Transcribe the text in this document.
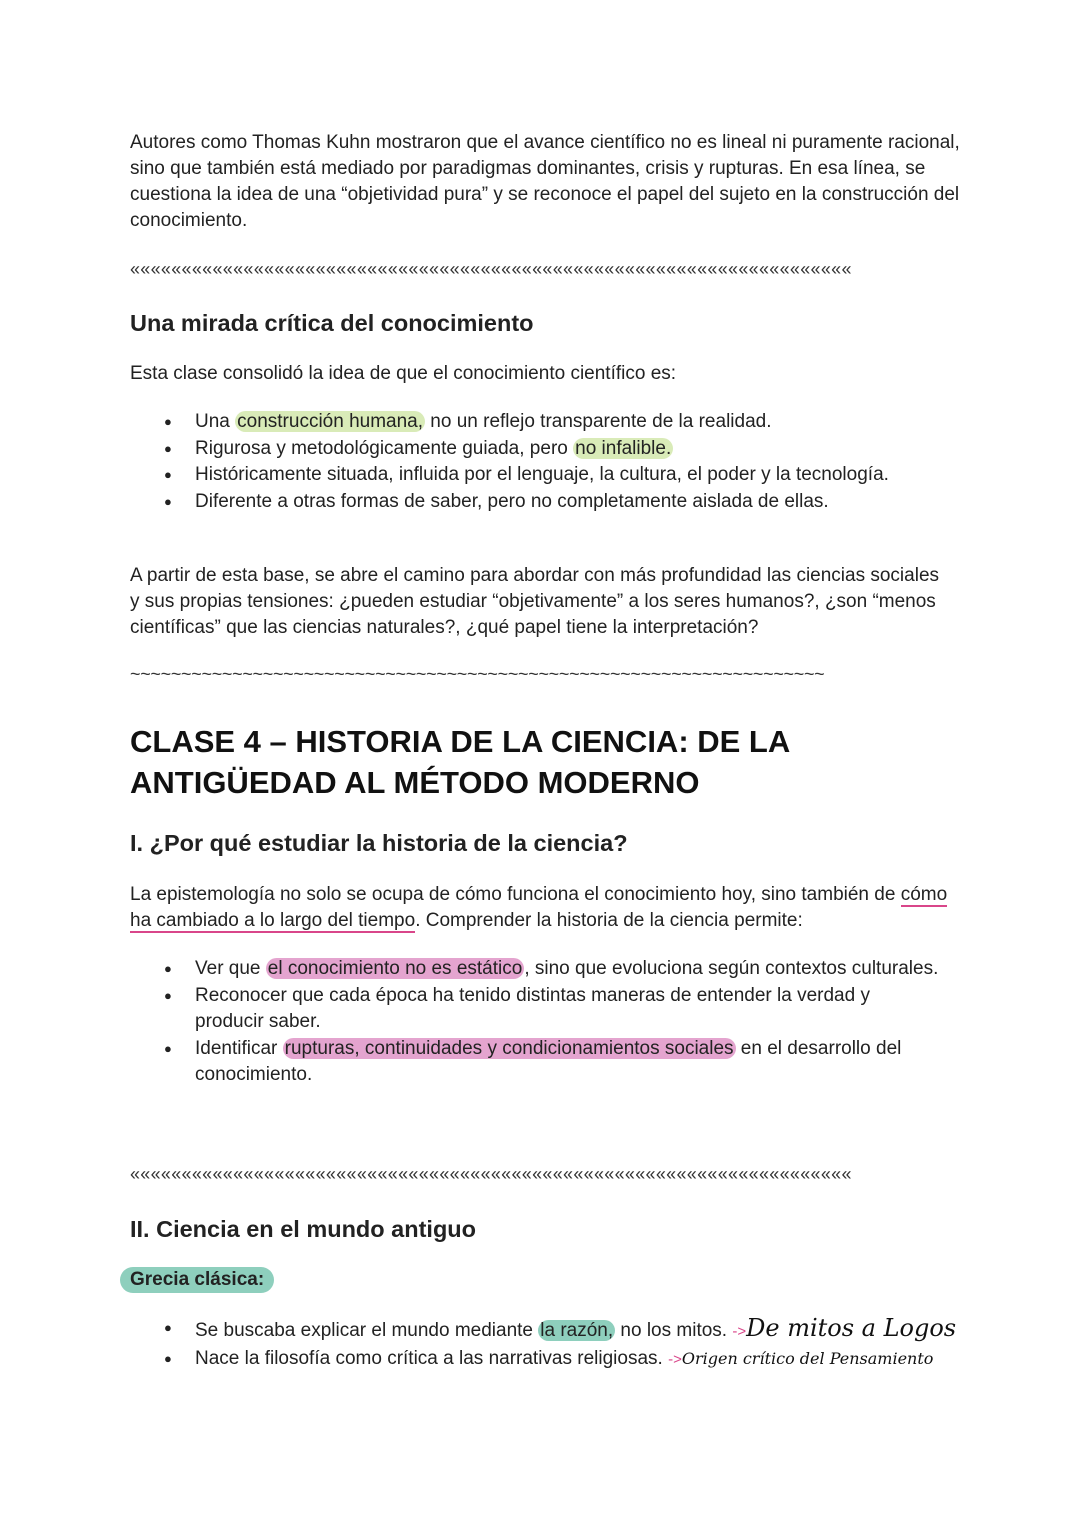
Autores como Thomas Kuhn mostraron que el avance científico no es lineal ni puramente racional, sino que también está mediado por paradigmas dominantes, crisis y rupturas. En esa línea, se cuestiona la idea de una “objetividad pura” y se reconoce el papel del sujeto en la construcción del conocimiento.
««««««««««««««««««««««««««««««««««««««««««««««««««««««««««««««««««««««
Una mirada crítica del conocimiento
Esta clase consolidó la idea de que el conocimiento científico es:
● Una construcción humana, no un reflejo transparente de la realidad.
● Rigurosa y metodológicamente guiada, pero no infalible.
● Históricamente situada, influida por el lenguaje, la cultura, el poder y la tecnología.
● Diferente a otras formas de saber, pero no completamente aislada de ellas.
A partir de esta base, se abre el camino para abordar con más profundidad las ciencias sociales y sus propias tensiones: ¿pueden estudiar “objetivamente” a los seres humanos?, ¿son “menos científicas” que las ciencias naturales?, ¿qué papel tiene la interpretación?
~~~~~~~~~~~~~~~~~~~~~~~~~~~~~~~~~~~~~~~~~~~~~~~~~~~~~~~~~~~~~~~~~~~~
CLASE 4 – HISTORIA DE LA CIENCIA: DE LA ANTIGÜEDAD AL MÉTODO MODERNO
I. ¿Por qué estudiar la historia de la ciencia?
La epistemología no solo se ocupa de cómo funciona el conocimiento hoy, sino también de cómo ha cambiado a lo largo del tiempo. Comprender la historia de la ciencia permite:
● Ver que el conocimiento no es estático , sino que evoluciona según contextos culturales.
● Reconocer que cada época ha tenido distintas maneras de entender la verdad y producir saber.
● Identificar rupturas, continuidades y condicionamientos sociales en el desarrollo del conocimiento.
««««««««««««««««««««««««««««««««««««««««««««««««««««««««««««««««««««««
II. Ciencia en el mundo antiguo
Grecia clásica:
● Se buscaba explicar el mundo mediante la razón, no los mitos. ->De mitos a Logos
● Nace la filosofía como crítica a las narrativas religiosas. ->Origen crítico del Pensamiento
